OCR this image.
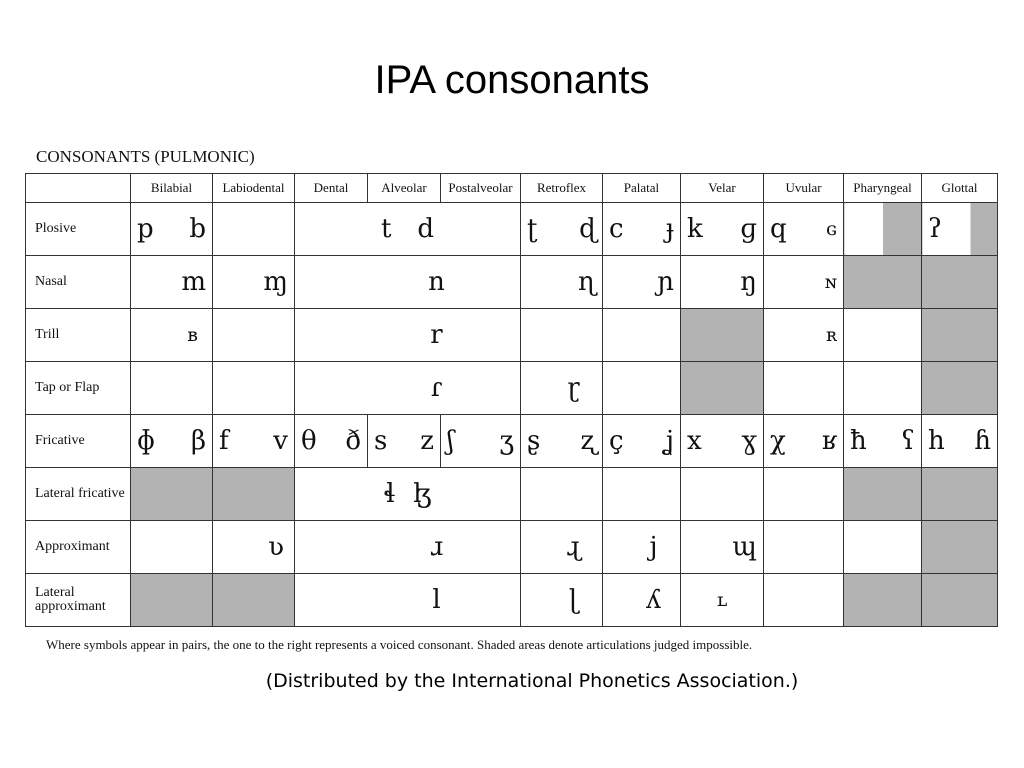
IPA consonants
CONSONANTS (PULMONIC)
	Bilabial	Labiodental	Dental	Alveolar	Postalveolar	Retroflex	Palatal	Velar	Uvular	Pharyngeal	Glottal
Plosive	p b		t d			ʈ ɖ	c ɟ	k ɡ	q ɢ		ʔ

Nasal	m	ɱ	n			ɳ	ɲ	ŋ	ɴ		

Trill	ʙ		r						ʀ		

Tap or Flap			ɾ			ɽ					

Fricative	ɸ β	f v	θ ð	s z	ʃ ʒ	ʂ ʐ	ç ʝ	x ɣ	χ ʁ	ħ ʕ	h ɦ

Lateral fricative			ɬ ɮ								

Approximant		ʋ	ɹ			ɻ	j	ɰ			

Lateral approximant			l			ɭ	ʎ	ʟ			

Where symbols appear in pairs, the one to the right represents a voiced consonant. Shaded areas denote articulations judged impossible.
(Distributed by the International Phonetics Association.)
